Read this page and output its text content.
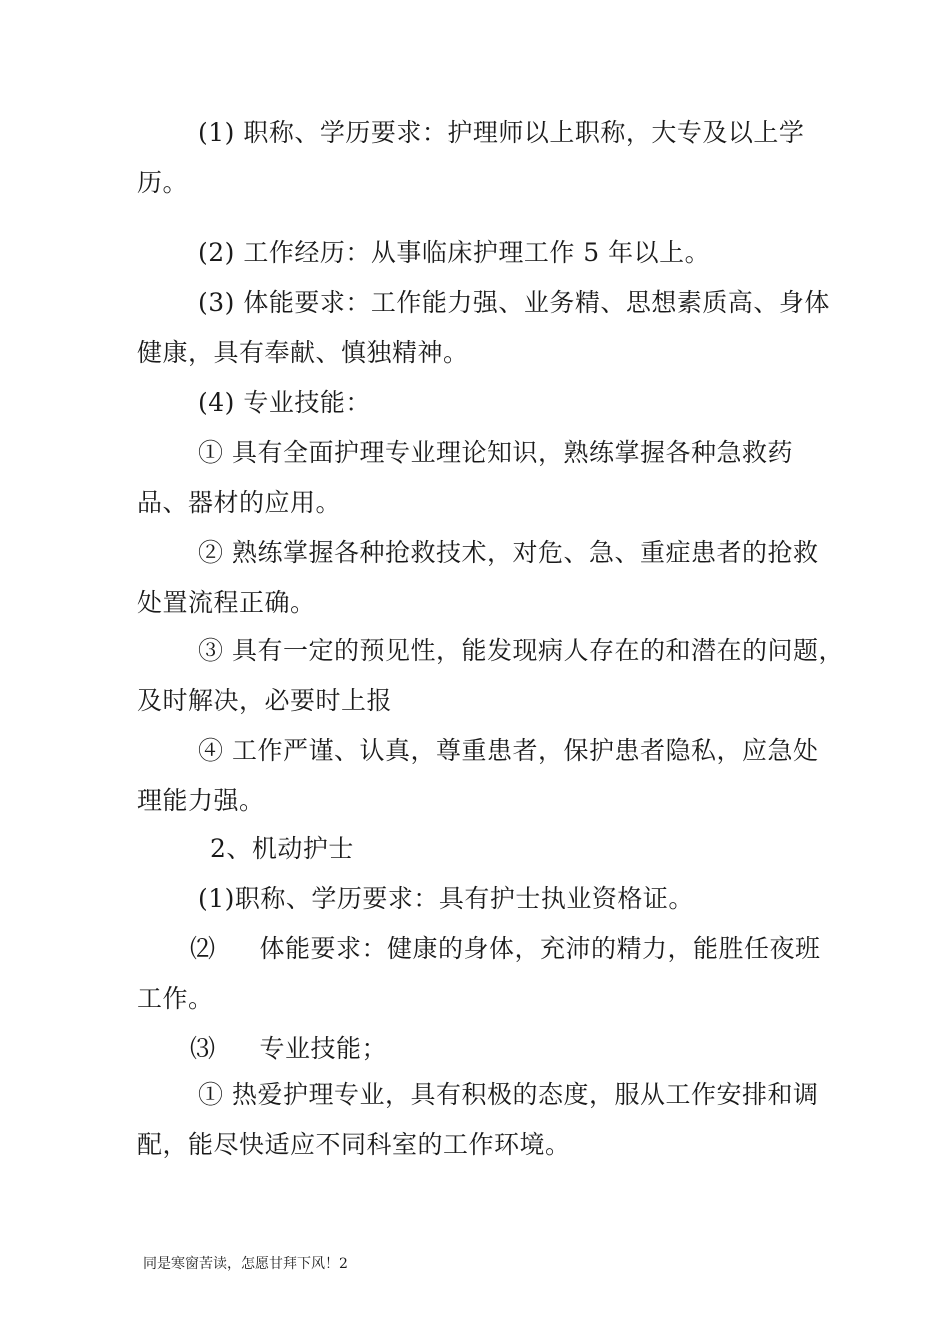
(1) 职称、学历要求：护理师以上职称，大专及以上学
历。
(2) 工作经历：从事临床护理工作 5 年以上。
(3) 体能要求：工作能力强、业务精、思想素质高、身体
健康，具有奉献、慎独精神。
(4) 专业技能：
① 具有全面护理专业理论知识，熟练掌握各种急救药
品、器材的应用。
② 熟练掌握各种抢救技术，对危、急、重症患者的抢救
处置流程正确。
③ 具有一定的预见性，能发现病人存在的和潜在的问题，
及时解决，必要时上报
④ 工作严谨、认真，尊重患者，保护患者隐私，应急处
理能力强。
2、机动护士
(1)职称、学历要求：具有护士执业资格证。
⑵ 体能要求：健康的身体，充沛的精力，能胜任夜班
工作。
⑶ 专业技能；
① 热爱护理专业，具有积极的态度，服从工作安排和调
配，能尽快适应不同科室的工作环境。
同是寒窗苦读，怎愿甘拜下风！2
